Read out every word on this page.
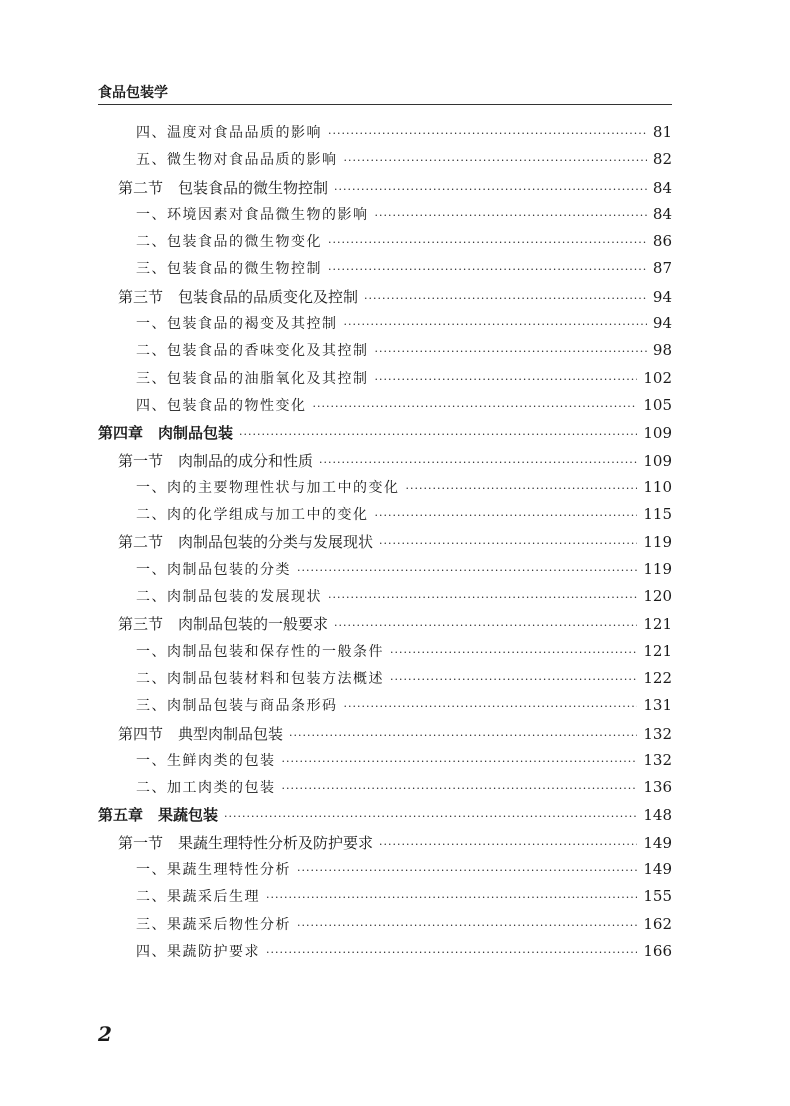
食品包装学
四、温度对食品品质的影响 ·····	81
五、微生物对食品品质的影响 ·····	82
第二节　包装食品的微生物控制 ·····	84
一、环境因素对食品微生物的影响 ·····	84
二、包装食品的微生物变化 ·····	86
三、包装食品的微生物控制 ·····	87
第三节　包装食品的品质变化及控制 ·····	94
一、包装食品的褐变及其控制 ·····	94
二、包装食品的香味变化及其控制 ·····	98
三、包装食品的油脂氧化及其控制 ·····	102
四、包装食品的物性变化 ·····	105
第四章　肉制品包装 ·····	109
第一节　肉制品的成分和性质 ·····	109
一、肉的主要物理性状与加工中的变化 ·····	110
二、肉的化学组成与加工中的变化 ·····	115
第二节　肉制品包装的分类与发展现状 ·····	119
一、肉制品包装的分类 ·····	119
二、肉制品包装的发展现状 ·····	120
第三节　肉制品包装的一般要求 ·····	121
一、肉制品包装和保存性的一般条件 ·····	121
二、肉制品包装材料和包装方法概述 ·····	122
三、肉制品包装与商品条形码 ·····	131
第四节　典型肉制品包装 ·····	132
一、生鲜肉类的包装 ·····	132
二、加工肉类的包装 ·····	136
第五章　果蔬包装 ·····	148
第一节　果蔬生理特性分析及防护要求 ·····	149
一、果蔬生理特性分析 ·····	149
二、果蔬采后生理 ·····	155
三、果蔬采后物性分析 ·····	162
四、果蔬防护要求 ·····	166
2
